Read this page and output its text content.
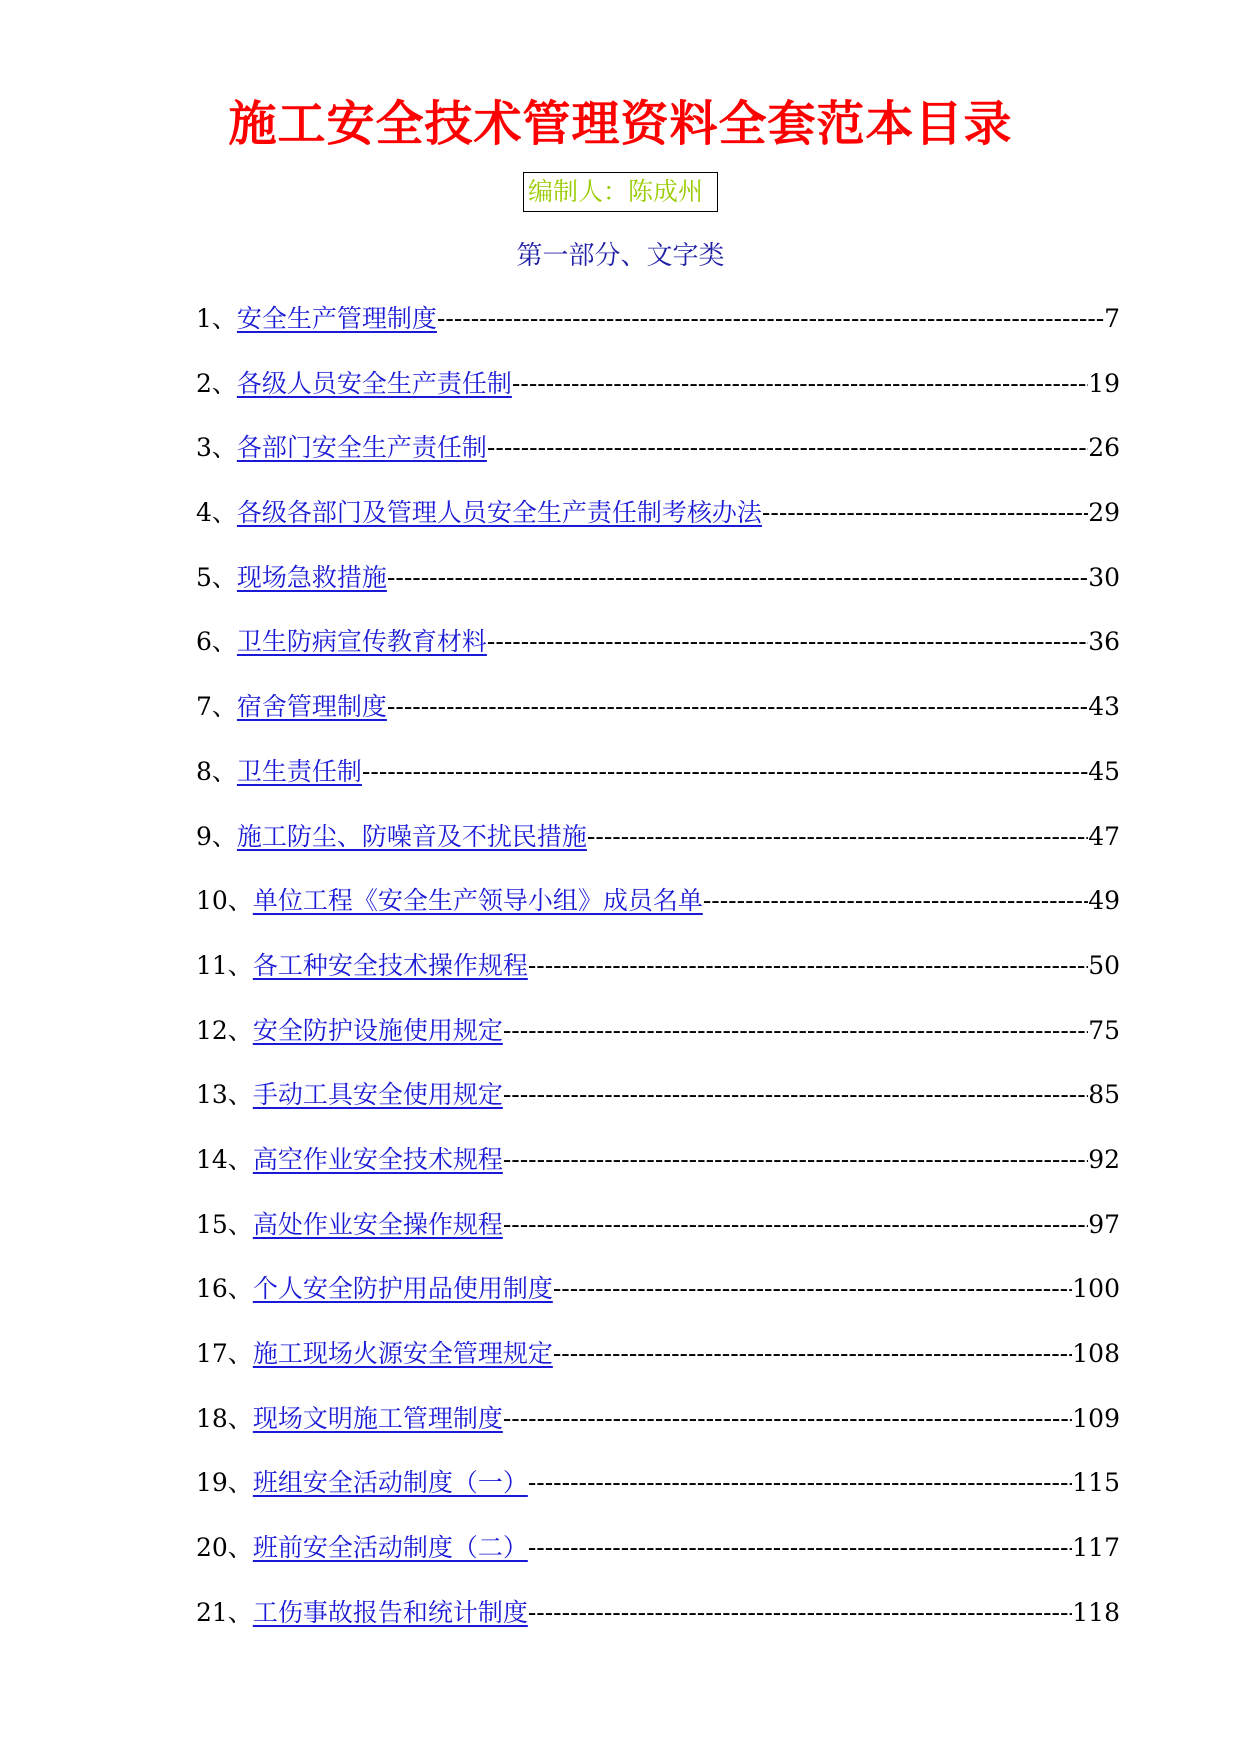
施工安全技术管理资料全套范本目录
编制人：陈成州
第一部分、文字类
1、 安全生产管理制度 -----	7
2、 各级人员安全生产责任制 -----	19
3、 各部门安全生产责任制 -----	26
4、 各级各部门及管理人员安全生产责任制考核办法 -----	29
5、 现场急救措施 -----	30
6、 卫生防病宣传教育材料 -----	36
7、 宿舍管理制度 -----	43
8、 卫生责任制 -----	45
9、 施工防尘、防噪音及不扰民措施 -----	47
10、 单位工程《安全生产领导小组》成员名单 -----	49
11、 各工种安全技术操作规程 -----	50
12、 安全防护设施使用规定 -----	75
13、 手动工具安全使用规定 -----	85
14、 高空作业安全技术规程 -----	92
15、 高处作业安全操作规程 -----	97
16、 个人安全防护用品使用制度 -----	100
17、 施工现场火源安全管理规定 -----	108
18、 现场文明施工管理制度 -----	109
19、 班组安全活动制度（一） -----	115
20、 班前安全活动制度（二） -----	117
21、 工伤事故报告和统计制度 -----	118
